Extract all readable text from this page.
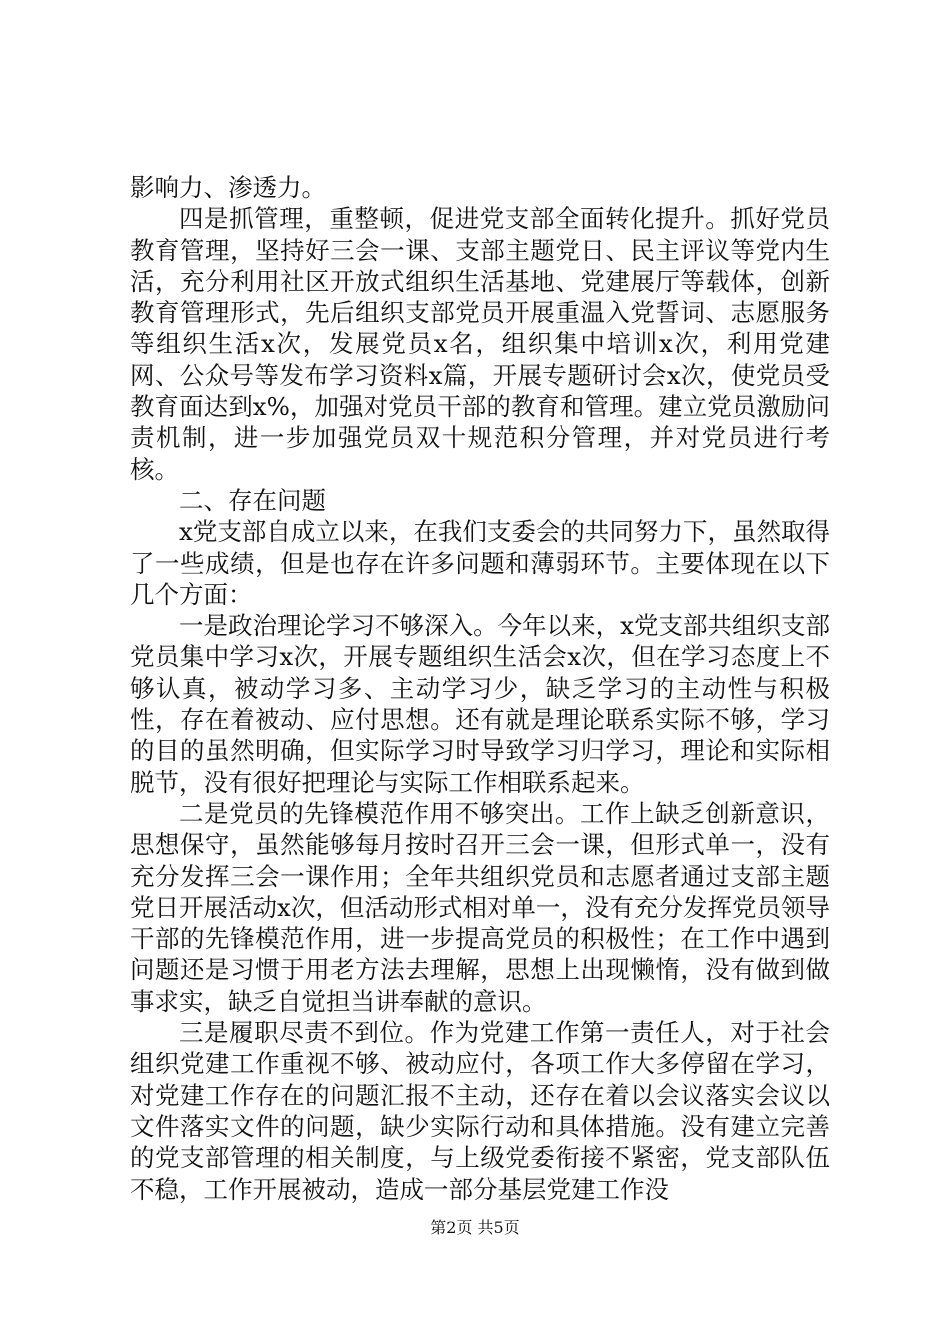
影响力、渗透力。

四是抓管理，重整顿，促进党支部全面转化提升。抓好党员教育管理，坚持好三会一课、支部主题党日、民主评议等党内生活，充分利用社区开放式组织生活基地、党建展厅等载体，创新教育管理形式，先后组织支部党员开展重温入党誓词、志愿服务等组织生活x次，发展党员x名，组织集中培训x次，利用党建网、公众号等发布学习资料x篇，开展专题研讨会x次，使党员受教育面达到x%，加强对党员干部的教育和管理。建立党员激励问责机制，进一步加强党员双十规范积分管理，并对党员进行考核。

二、存在问题

x党支部自成立以来，在我们支委会的共同努力下，虽然取得了一些成绩，但是也存在许多问题和薄弱环节。主要体现在以下几个方面：

一是政治理论学习不够深入。今年以来，x党支部共组织支部党员集中学习x次，开展专题组织生活会x次，但在学习态度上不够认真，被动学习多、主动学习少，缺乏学习的主动性与积极性，存在着被动、应付思想。还有就是理论联系实际不够，学习的目的虽然明确，但实际学习时导致学习归学习，理论和实际相脱节，没有很好把理论与实际工作相联系起来。

二是党员的先锋模范作用不够突出。工作上缺乏创新意识，思想保守，虽然能够每月按时召开三会一课，但形式单一，没有充分发挥三会一课作用；全年共组织党员和志愿者通过支部主题党日开展活动x次，但活动形式相对单一，没有充分发挥党员领导干部的先锋模范作用，进一步提高党员的积极性；在工作中遇到问题还是习惯于用老方法去理解，思想上出现懒惰，没有做到做事求实，缺乏自觉担当讲奉献的意识。

三是履职尽责不到位。作为党建工作第一责任人，对于社会组织党建工作重视不够、被动应付，各项工作大多停留在学习，对党建工作存在的问题汇报不主动，还存在着以会议落实会议以文件落实文件的问题，缺少实际行动和具体措施。没有建立完善的党支部管理的相关制度，与上级党委衔接不紧密，党支部队伍不稳，工作开展被动，造成一部分基层党建工作没

第2页 共5页
